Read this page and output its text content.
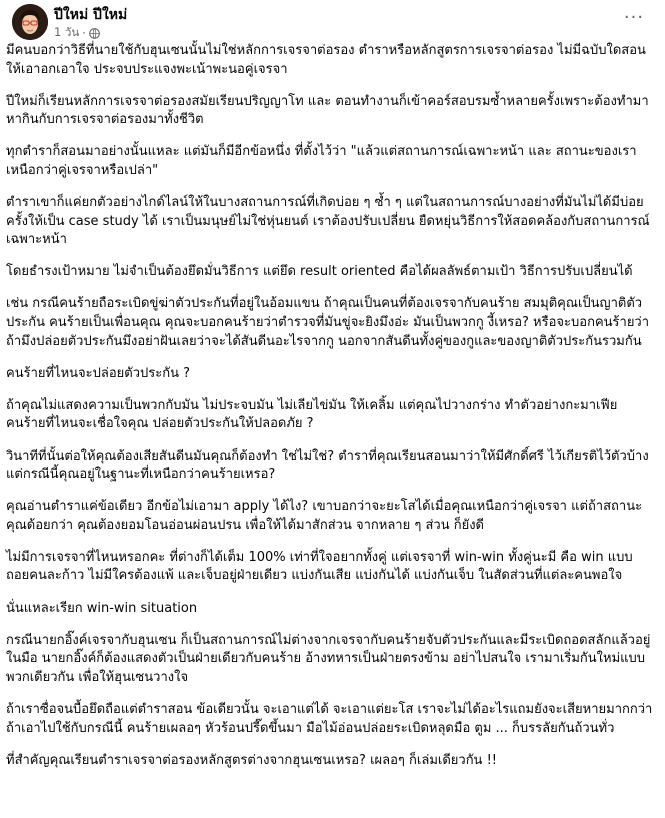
ปีใหม่ ปีใหม่
1 วัน ·
···

มีคนบอกว่าวิธีที่นายใช้กับฮุนเซนนั้นไม่ใช่หลักการเจรจาต่อรอง ตำราหรือหลักสูตรการเจรจาต่อรอง ไม่มีฉบับใดสอนให้เอาอกเอาใจ ประจบประแจงพะเน้าพะนอคู่เจรจา

ปีใหม่ก็เรียนหลักการเจรจาต่อรองสมัยเรียนปริญญาโท และ ตอนทำงานก็เข้าคอร์สอบรมซ้ำหลายครั้งเพราะต้องทำมาหากินกับการเจรจาต่อรองมาทั้งชีวิต

ทุกตำราก็สอนมาอย่างนั้นแหละ แต่มันก็มีอีกข้อหนึ่ง ที่ตั้งไว้ว่า "แล้วแต่สถานการณ์เฉพาะหน้า และ สถานะของเราเหนือกว่าคู่เจรจาหรือเปล่า"

ตำราเขาก็แค่ยกตัวอย่างไกด์ไลน์ให้ในบางสถานการณ์ที่เกิดบ่อย ๆ ซ้ำ ๆ แต่ในสถานการณ์บางอย่างที่มันไม่ได้มีบ่อยครั้งให้เป็น case study ได้ เราเป็นมนุษย์ไม่ใช่หุ่นยนต์ เราต้องปรับเปลี่ยน ยืดหยุ่นวิธีการให้สอดคล้องกับสถานการณ์เฉพาะหน้า

โดยธำรงเป้าหมาย ไม่จำเป็นต้องยึดมั่นวิธีการ แต่ยึด result oriented คือได้ผลลัพธ์ตามเป้า วิธีการปรับเปลี่ยนได้

เช่น กรณีคนร้ายถือระเบิดขู่ฆ่าตัวประกันที่อยู่ในอ้อมแขน ถ้าคุณเป็นคนที่ต้องเจรจากับคนร้าย สมมุติคุณเป็นญาติตัวประกัน คนร้ายเป็นเพื่อนคุณ คุณจะบอกคนร้ายว่าตำรวจที่มันขู่จะยิงมึงอ่ะ มันเป็นพวกกู งี้เหรอ? หรือจะบอกคนร้ายว่า ถ้ามึงปล่อยตัวประกันมึงอย่าฝันเลยว่าจะได้สันดีนอะไรจากกู นอกจากสันดีนทั้งคู่ของกูและของญาติตัวประกันรวมกัน

คนร้ายที่ไหนจะปล่อยตัวประกัน ?

ถ้าคุณไม่แสดงความเป็นพวกกับมัน ไม่ประจบมัน ไม่เลียไข่มัน ให้เคลิ้ม แต่คุณไปวางกร่าง ทำตัวอย่างกะมาเฟีย คนร้ายที่ไหนจะเชื่อใจคุณ ปล่อยตัวประกันให้ปลอดภัย ?

วินาทีที่นั้นต่อให้คุณต้องเสียสันดีนมันคุณก็ต้องทำ ใช่ไม่ใช่? ตำราที่คุณเรียนสอนมาว่าให้มีศักดิ์ศรี ไว้เกียรติไว้ตัวบ้าง แต่กรณีนี้คุณอยู่ในฐานะที่เหนือกว่าคนร้ายเหรอ?

คุณอ่านตำราแค่ข้อเดียว อีกข้อไม่เอามา apply ได้ไง? เขาบอกว่าจะยะโสได้เมื่อคุณเหนือกว่าคู่เจรจา แต่ถ้าสถานะคุณด้อยกว่า คุณต้องยอมโอนอ่อนผ่อนปรน เพื่อให้ได้มาสักส่วน จากหลาย ๆ ส่วน ก็ยังดี

ไม่มีการเจรจาที่ไหนหรอกคะ ที่ต่างก็ได้เต็ม 100% เท่าที่ใจอยากทั้งคู่ แต่เจรจาที่ win-win ทั้งคู่นะมี คือ win แบบถอยคนละก้าว ไม่มีใครต้องแพ้ และเจ็บอยู่ฝ่ายเดียว แบ่งกันเสีย แบ่งกันได้ แบ่งกันเจ็บ ในสัดส่วนที่แต่ละคนพอใจ

นั่นแหละเรียก win-win situation

กรณีนายกอิ๊งค์เจรจากับฮุนเซน ก็เป็นสถานการณ์ไม่ต่างจากเจรจากับคนร้ายจับตัวประกันและมีระเบิดถอดสลักแล้วอยู่ในมือ นายกอิ๊งค์ก็ต้องแสดงตัวเป็นฝ่ายเดียวกับคนร้าย อ้างทหารเป็นฝ่ายตรงข้าม อย่าไปสนใจ เรามาเริ่มกันใหม่แบบพวกเดียวกัน เพื่อให้ฮุนเซนวางใจ

ถ้าเราซื่อจนบื้อยึดถือแต่ตำราสอน ข้อเดียวนั้น จะเอาแต่ได้ จะเอาแต่ยะโส เราจะไม่ได้อะไรแถมยังจะเสียหายมากกว่า ถ้าเอาไปใช้กับกรณีนี้ คนร้ายเผลอๆ หัวร้อนปรี๊ดขึ้นมา มือไม้อ่อนปล่อยระเบิดหลุดมือ ตูม ... ก็บรรลัยกันถ้วนทั่ว

ที่สำคัญคุณเรียนตำราเจรจาต่อรองหลักสูตรต่างจากฮุนเซนเหรอ? เผลอๆ ก็เล่มเดียวกัน !!
